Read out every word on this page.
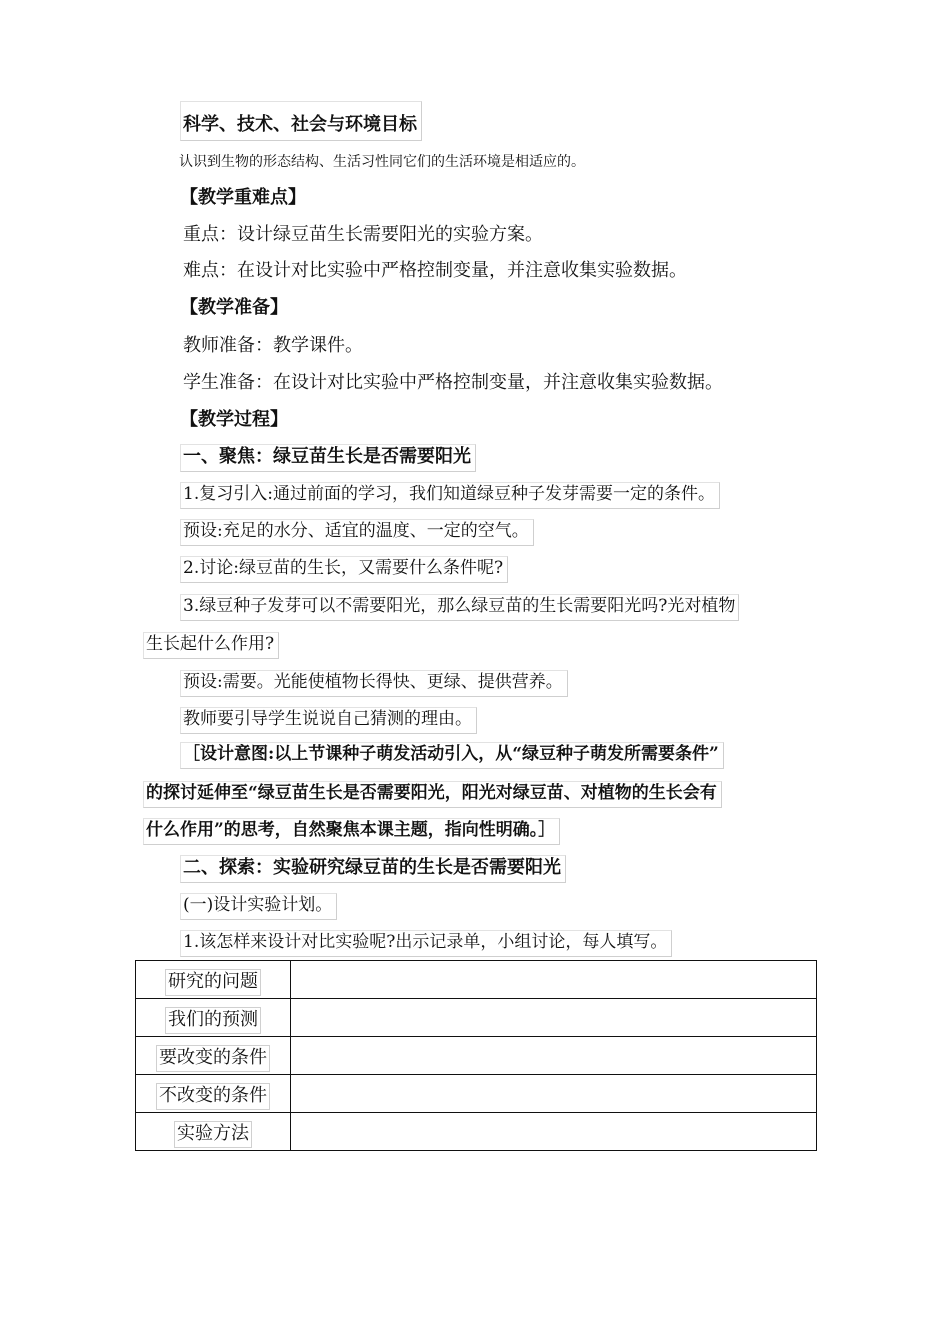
科学、技术、社会与环境目标
认识到生物的形态结构、生活习性同它们的生活环境是相适应的。
【教学重难点】
重点：设计绿豆苗生长需要阳光的实验方案。
难点：在设计对比实验中严格控制变量，并注意收集实验数据。
【教学准备】
教师准备：教学课件。
学生准备：在设计对比实验中严格控制变量，并注意收集实验数据。
【教学过程】
一、聚焦：绿豆苗生长是否需要阳光
1.复习引入:通过前面的学习，我们知道绿豆种子发芽需要一定的条件。
预设:充足的水分、适宜的温度、一定的空气。
2.讨论:绿豆苗的生长，又需要什么条件呢?
3.绿豆种子发芽可以不需要阳光，那么绿豆苗的生长需要阳光吗?光对植物
生长起什么作用?
预设:需要。光能使植物长得快、更绿、提供营养。
教师要引导学生说说自己猜测的理由。
［设计意图:以上节课种子萌发活动引入，从“绿豆种子萌发所需要条件”
的探讨延伸至“绿豆苗生长是否需要阳光，阳光对绿豆苗、对植物的生长会有
什么作用”的思考，自然聚焦本课主题，指向性明确。］
二、探索：实验研究绿豆苗的生长是否需要阳光
(一)设计实验计划。
1.该怎样来设计对比实验呢?出示记录单，小组讨论，每人填写。
研究的问题	
我们的预测	
要改变的条件	
不改变的条件	
实验方法	
